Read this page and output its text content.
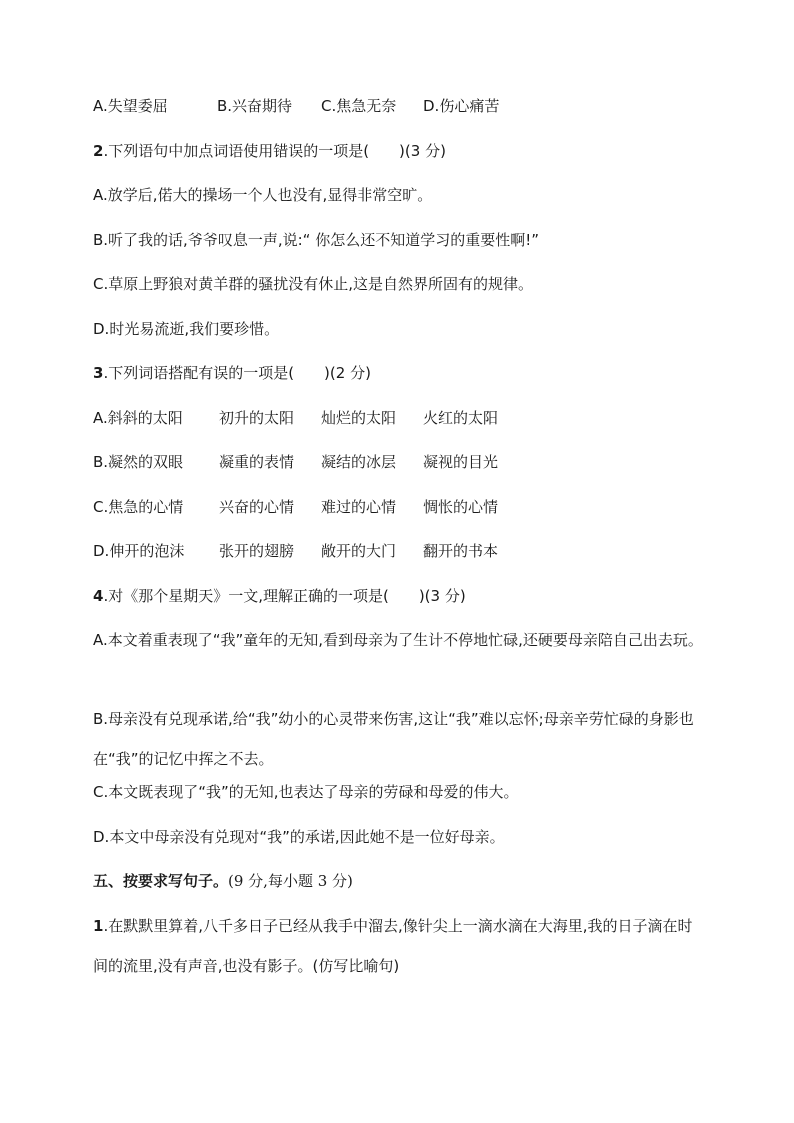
A.失望委屈	B.兴奋期待 C.焦急无奈 D.伤心痛苦
2.下列语句中加点词语使用错误的一项是(　　)(3 分)
A.放学后,偌大的操场一个人也没有,显得非常空旷。
B.听了我的话,爷爷叹息一声,说:“ 你怎么还不知道学习的重要性啊!”
C.草原上野狼对黄羊群的骚扰没有休止,这是自然界所固有的规律。
D.时光易流逝,我们要珍惜。
3.下列词语搭配有误的一项是(　　)(2 分)
A.斜斜的太阳 初升的太阳 灿烂的太阳 火红的太阳
B.凝然的双眼 凝重的表情 凝结的冰层 凝视的目光
C.焦急的心情 兴奋的心情 难过的心情 惆怅的心情
D.伸开的泡沫 张开的翅膀 敞开的大门 翻开的书本
4.对《那个星期天》一文,理解正确的一项是(　　)(3 分)
A.本文着重表现了“我”童年的无知,看到母亲为了生计不停地忙碌,还硬要母亲陪自己出去玩。
B.母亲没有兑现承诺,给“我”幼小的心灵带来伤害,这让“我”难以忘怀;母亲辛劳忙碌的身影也在“我”的记忆中挥之不去。
C.本文既表现了“我”的无知,也表达了母亲的劳碌和母爱的伟大。
D.本文中母亲没有兑现对“我”的承诺,因此她不是一位好母亲。
五、按要求写句子。(9 分,每小题 3 分)
1.在默默里算着,八千多日子已经从我手中溜去,像针尖上一滴水滴在大海里,我的日子滴在时间的流里,没有声音,也没有影子。(仿写比喻句)
